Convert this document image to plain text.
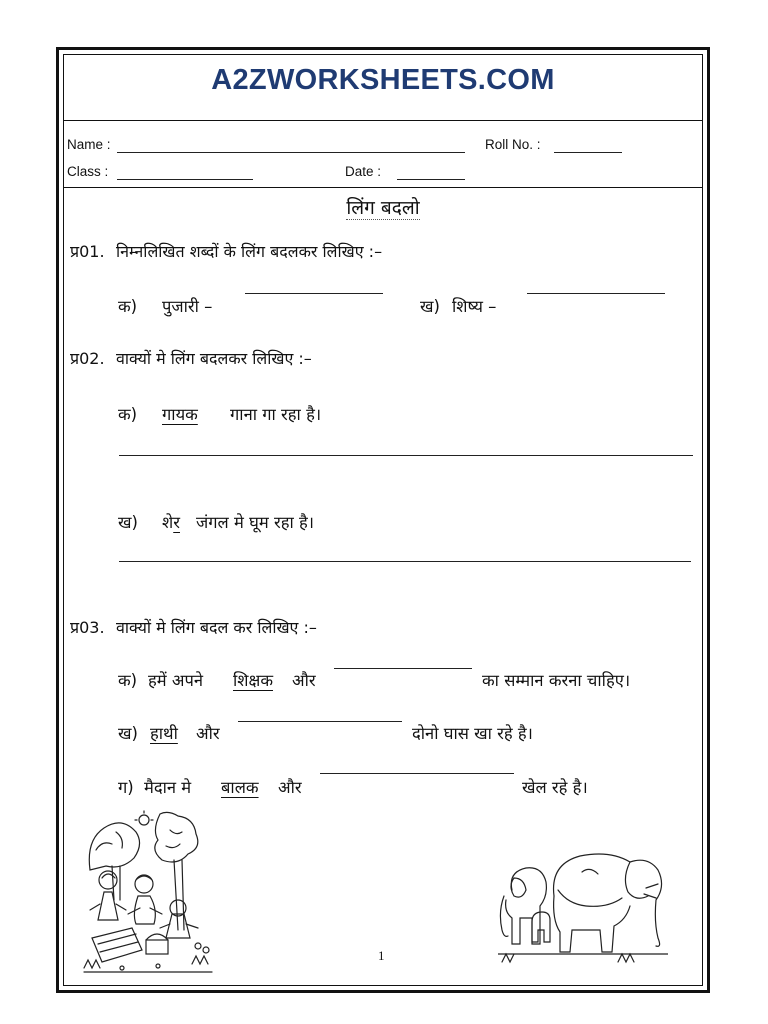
A2ZWORKSHEETS.COM
Name :	Roll No. :
Class :	Date :
लिंग बदलो
प्र01. निम्नलिखित शब्दों के लिंग बदलकर लिखिए :–
क) पुजारी –	ख) शिष्य –
प्र02. वाक्यों मे लिंग बदलकर लिखिए :–
क) गायक गाना गा रहा है।
ख) शेर जंगल मे घूम रहा है।
प्र03. वाक्यों मे लिंग बदल कर लिखिए :–
क) हमें अपने शिक्षक और	का सम्मान करना चाहिए।
ख) हाथी और	दोनो घास खा रहे है।
ग) मैदान मे बालक और	खेल रहे है।
1
